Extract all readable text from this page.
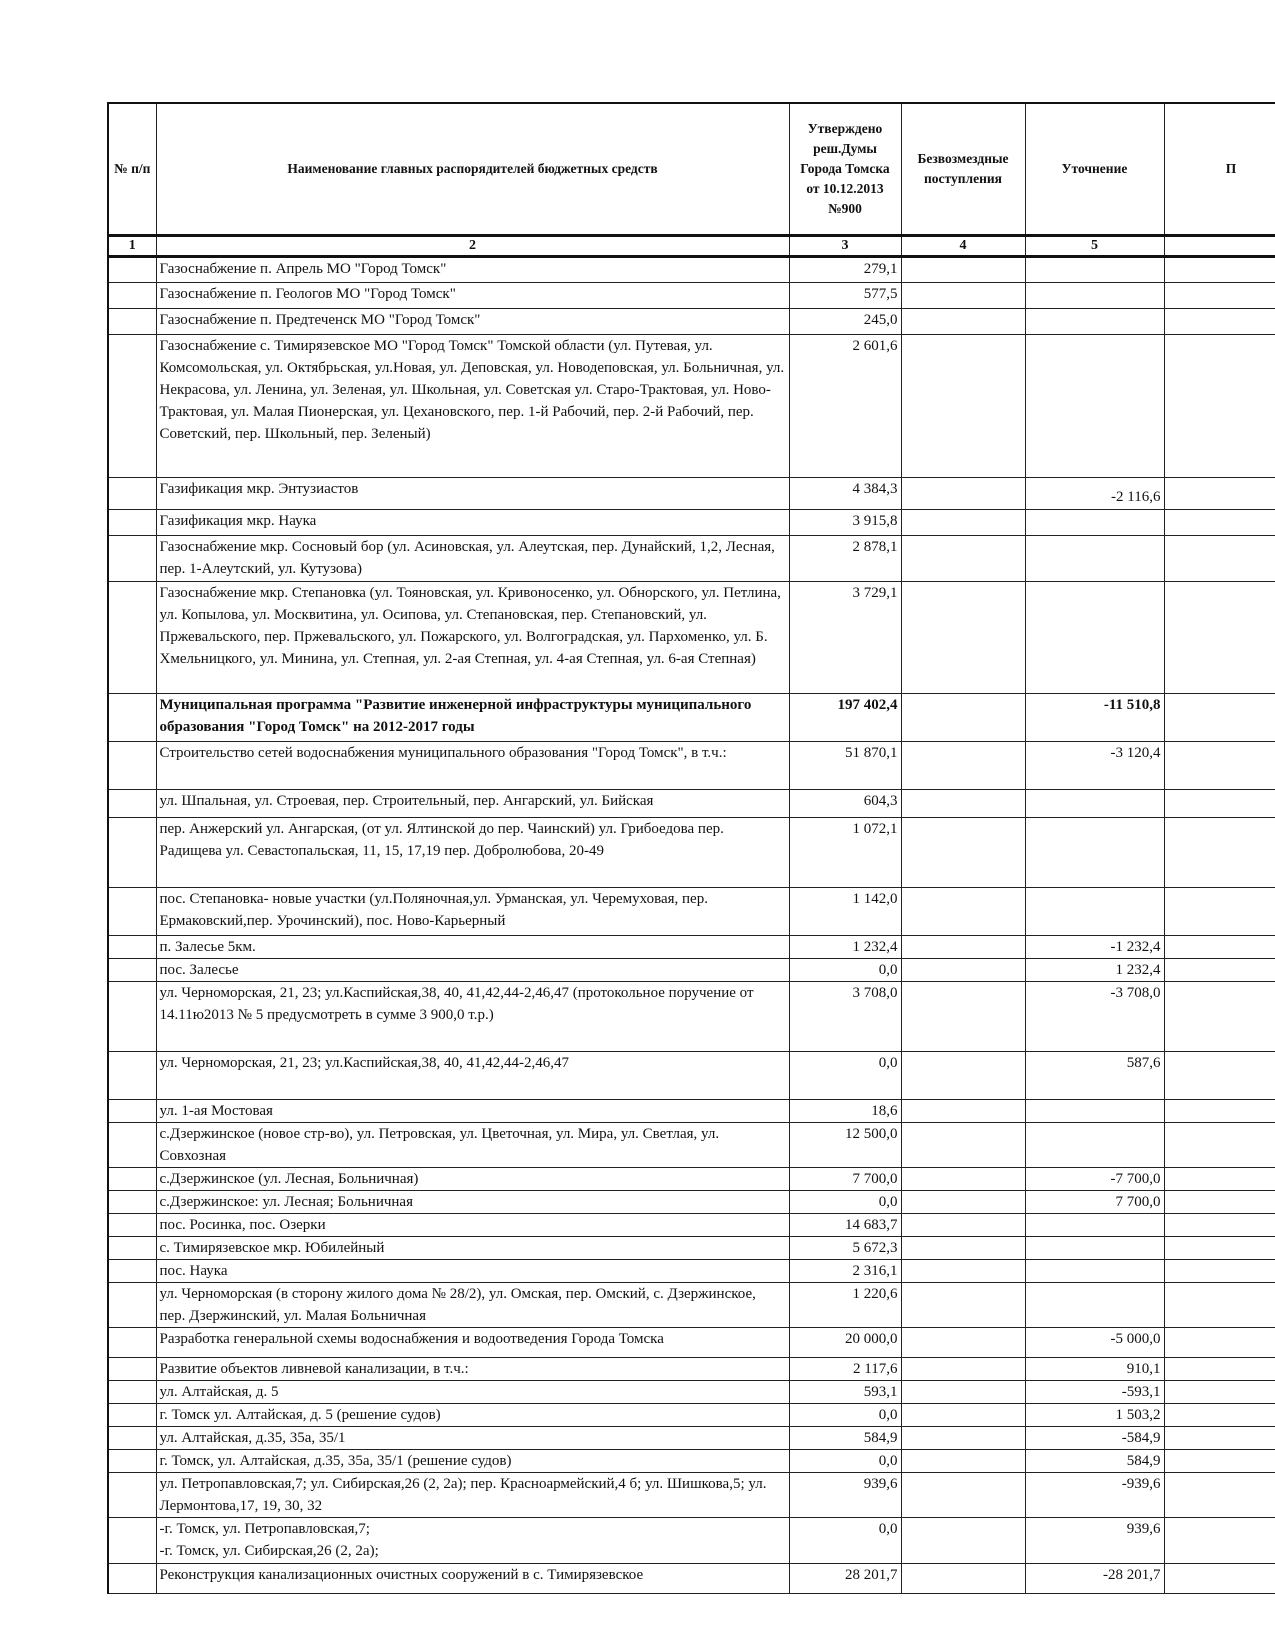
№ п/п	Наименование главных распорядителей бюджетных средств	Утверждено реш.Думы Города Томска от 10.12.2013 №900	Безвозмездные поступления	Уточнение	П
1	2	3	4	5	
	Газоснабжение п. Апрель МО "Город Томск"	279,1			
	Газоснабжение п. Геологов МО "Город Томск"	577,5			
	Газоснабжение п. Предтеченск МО "Город Томск"	245,0			
	Газоснабжение с. Тимирязевское МО "Город Томск" Томской области (ул. Путевая, ул. Комсомольская, ул. Октябрьская, ул.Новая, ул. Деповская, ул. Новодеповская, ул. Больничная, ул. Некрасова, ул. Ленина, ул. Зеленая, ул. Школьная, ул. Советская ул. Старо-Трактовая, ул. Ново-Трактовая, ул. Малая Пионерская, ул. Цехановского, пер. 1-й Рабочий, пер. 2-й Рабочий, пер. Советский, пер. Школьный, пер. Зеленый)	2 601,6			
	Газификация мкр. Энтузиастов	4 384,3		-2 116,6	
	Газификация мкр. Наука	3 915,8			
	Газоснабжение мкр. Сосновый бор (ул. Асиновская, ул. Алеутская, пер. Дунайский, 1,2, Лесная, пер. 1-Алеутский, ул. Кутузова)	2 878,1			
	Газоснабжение мкр. Степановка (ул. Тояновская, ул. Кривоносенко, ул. Обнорского, ул. Петлина, ул. Копылова, ул. Москвитина, ул. Осипова, ул. Степановская, пер. Степановский, ул. Пржевальского, пер. Пржевальского, ул. Пожарского, ул. Волгоградская, ул. Пархоменко, ул. Б. Хмельницкого, ул. Минина, ул. Степная, ул. 2-ая Степная, ул. 4-ая Степная, ул. 6-ая Степная)	3 729,1			
	Муниципальная программа "Развитие инженерной инфраструктуры муниципального образования "Город Томск" на 2012-2017 годы	197 402,4		-11 510,8	
	Строительство сетей водоснабжения муниципального образования "Город Томск", в т.ч.:	51 870,1		-3 120,4	
	ул. Шпальная, ул. Строевая, пер. Строительный, пер. Ангарский, ул. Бийская	604,3			
	пер. Анжерский ул. Ангарская, (от ул. Ялтинской до пер. Чаинский) ул. Грибоедова пер. Радищева ул. Севастопальская, 11, 15, 17,19 пер. Добролюбова, 20-49	1 072,1			
	пос. Степановка- новые участки (ул.Поляночная,ул. Урманская, ул. Черемуховая, пер. Ермаковский,пер. Урочинский), пос. Ново-Карьерный	1 142,0			
	п. Залесье 5км.	1 232,4		-1 232,4	
	пос. Залесье	0,0		1 232,4	
	ул. Черноморская, 21, 23; ул.Каспийская,38, 40, 41,42,44-2,46,47 (протокольное поручение от 14.11ю2013 № 5 предусмотреть в сумме 3 900,0 т.р.)	3 708,0		-3 708,0	
	ул. Черноморская, 21, 23; ул.Каспийская,38, 40, 41,42,44-2,46,47	0,0		587,6	
	ул. 1-ая Мостовая	18,6			
	с.Дзержинское (новое стр-во), ул. Петровская, ул. Цветочная, ул. Мира, ул. Светлая, ул. Совхозная	12 500,0			
	с.Дзержинское (ул. Лесная, Больничная)	7 700,0		-7 700,0	
	с.Дзержинское: ул. Лесная; Больничная	0,0		7 700,0	
	пос. Росинка, пос. Озерки	14 683,7			
	с. Тимирязевское мкр. Юбилейный	5 672,3			
	пос. Наука	2 316,1			
	ул. Черноморская (в сторону жилого дома № 28/2), ул. Омская, пер. Омский, с. Дзержинское, пер. Дзержинский, ул. Малая Больничная	1 220,6			
	Разработка генеральной схемы водоснабжения и водоотведения Города Томска	20 000,0		-5 000,0	
	Развитие объектов ливневой канализации, в т.ч.:	2 117,6		910,1	
	ул. Алтайская, д. 5	593,1		-593,1	
	г. Томск ул. Алтайская, д. 5 (решение судов)	0,0		1 503,2	
	ул. Алтайская, д.35, 35а, 35/1	584,9		-584,9	
	г. Томск, ул. Алтайская, д.35, 35а, 35/1 (решение судов)	0,0		584,9	
	ул. Петропавловская,7; ул. Сибирская,26 (2, 2а); пер. Красноармейский,4 б; ул. Шишкова,5; ул. Лермонтова,17, 19, 30, 32	939,6		-939,6	
	-г. Томск, ул. Петропавловская,7;
-г. Томск, ул. Сибирская,26 (2, 2а);	0,0		939,6	
	Реконструкция канализационных очистных сооружений в с. Тимирязевское	28 201,7		-28 201,7	
